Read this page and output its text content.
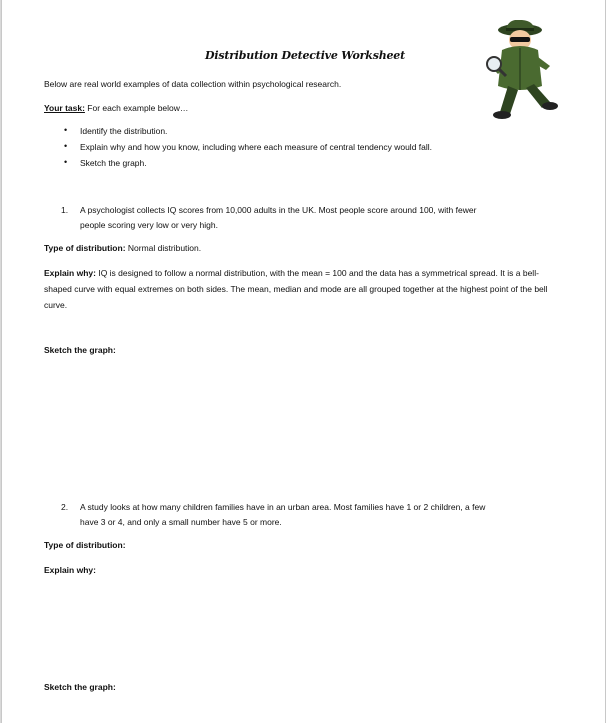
Distribution Detective Worksheet
Below are real world examples of data collection within psychological research.
Your task: For each example below…
• Identify the distribution.
• Explain why and how you know, including where each measure of central tendency would fall.
• Sketch the graph.
1. A psychologist collects IQ scores from 10,000 adults in the UK. Most people score around 100, with fewer
people scoring very low or very high.
Type of distribution: Normal distribution.
Explain why: IQ is designed to follow a normal distribution, with the mean = 100 and the data has a symmetrical spread. It is a bell-shaped curve with equal extremes on both sides. The mean, median and mode are all grouped together at the highest point of the bell curve.
Sketch the graph:
2. A study looks at how many children families have in an urban area. Most families have 1 or 2 children, a few
have 3 or 4, and only a small number have 5 or more.
Type of distribution:
Explain why:
Sketch the graph:
